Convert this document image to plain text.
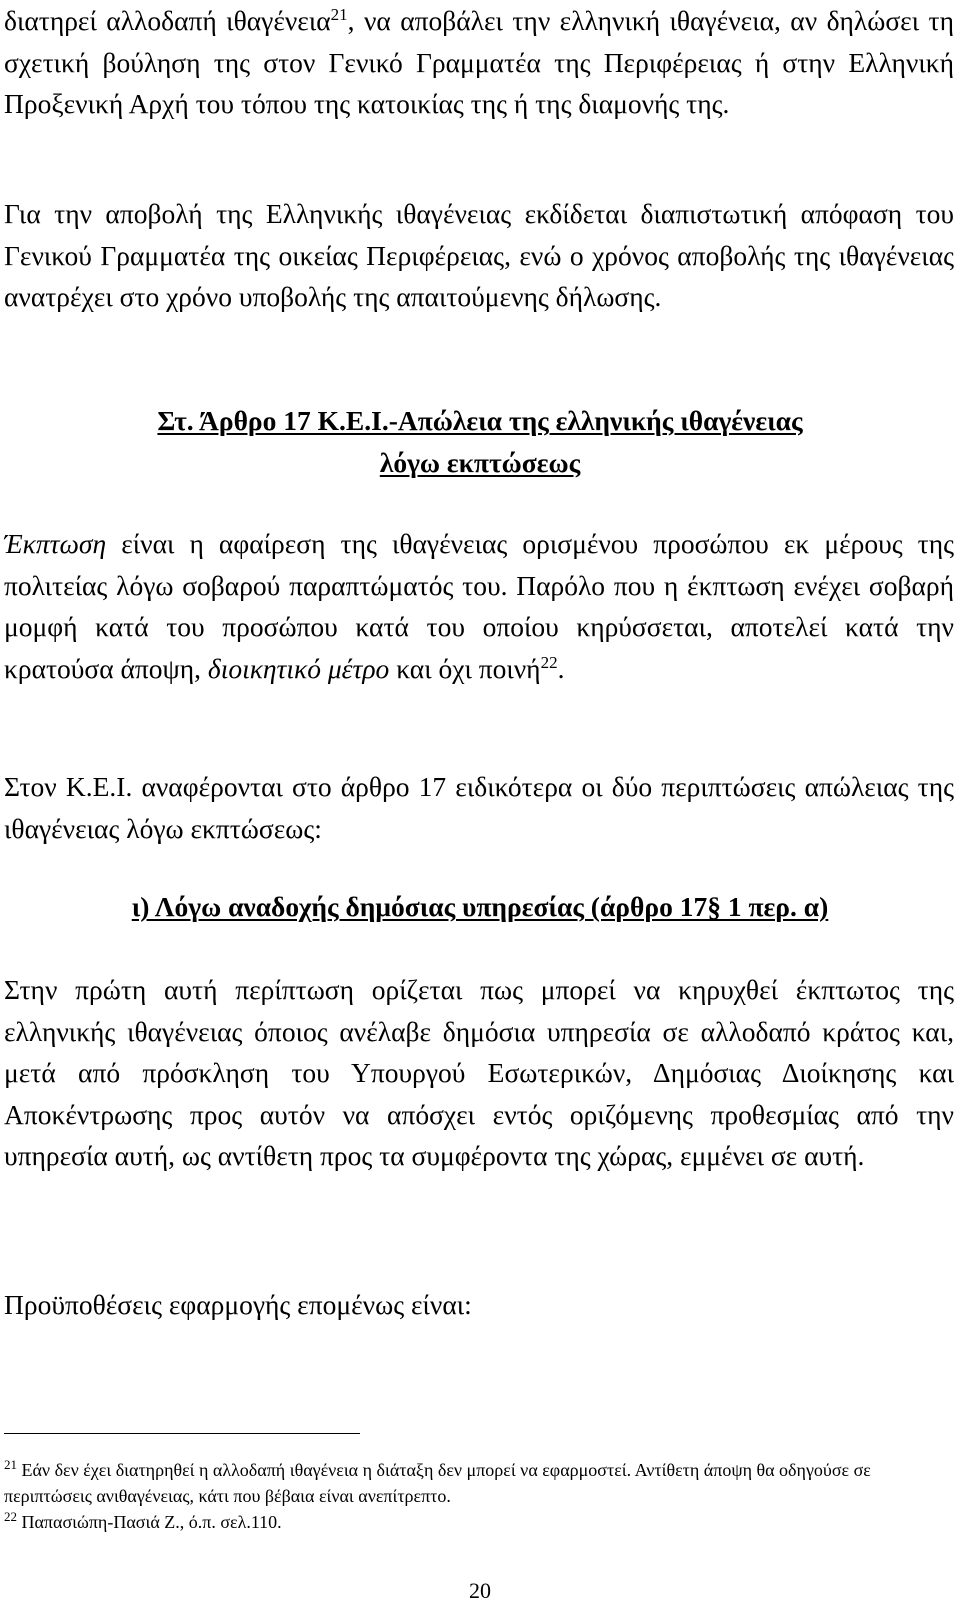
διατηρεί αλλοδαπή ιθαγένεια$^{21}$, να αποβάλει την ελληνική ιθαγένεια, αν δηλώσει τη σχετική βούληση της στον Γενικό Γραμματέα της Περιφέρειας ή στην Ελληνική Προξενική Αρχή του τόπου της κατοικίας της ή της διαμονής της.

Για την αποβολή της Ελληνικής ιθαγένειας εκδίδεται διαπιστωτική απόφαση του Γενικού Γραμματέα της οικείας Περιφέρειας, ενώ ο χρόνος αποβολής της ιθαγένειας ανατρέχει στο χρόνο υποβολής της απαιτούμενης δήλωσης.

Στ. Άρθρο 17 Κ.Ε.Ι.-Απώλεια της ελληνικής ιθαγένειας
λόγω εκπτώσεως

Έκπτωση είναι η αφαίρεση της ιθαγένειας ορισμένου προσώπου εκ μέρους της πολιτείας λόγω σοβαρού παραπτώματός του. Παρόλο που η έκπτωση ενέχει σοβαρή μομφή κατά του προσώπου κατά του οποίου κηρύσσεται, αποτελεί κατά την κρατούσα άποψη, διοικητικό μέτρο και όχι ποινή$^{22}$.

Στον Κ.Ε.Ι. αναφέρονται στο άρθρο 17 ειδικότερα οι δύο περιπτώσεις απώλειας της ιθαγένειας λόγω εκπτώσεως:

ι) Λόγω αναδοχής δημόσιας υπηρεσίας (άρθρο 17§ 1 περ. α)

Στην πρώτη αυτή περίπτωση ορίζεται πως μπορεί να κηρυχθεί έκπτωτος της ελληνικής ιθαγένειας όποιος ανέλαβε δημόσια υπηρεσία σε αλλοδαπό κράτος και, μετά από πρόσκληση του Υπουργού Εσωτερικών, Δημόσιας Διοίκησης και Αποκέντρωσης προς αυτόν να απόσχει εντός οριζόμενης προθεσμίας από την υπηρεσία αυτή, ως αντίθετη προς τα συμφέροντα της χώρας, εμμένει σε αυτή.

Προϋποθέσεις εφαρμογής επομένως είναι:

$^{21}$ Εάν δεν έχει διατηρηθεί η αλλοδαπή ιθαγένεια η διάταξη δεν μπορεί να εφαρμοστεί. Αντίθετη άποψη θα οδηγούσε σε περιπτώσεις ανιθαγένειας, κάτι που βέβαια είναι ανεπίτρεπτο.

$^{22}$ Παπασιώπη-Πασιά Ζ., ό.π. σελ.110.

20
